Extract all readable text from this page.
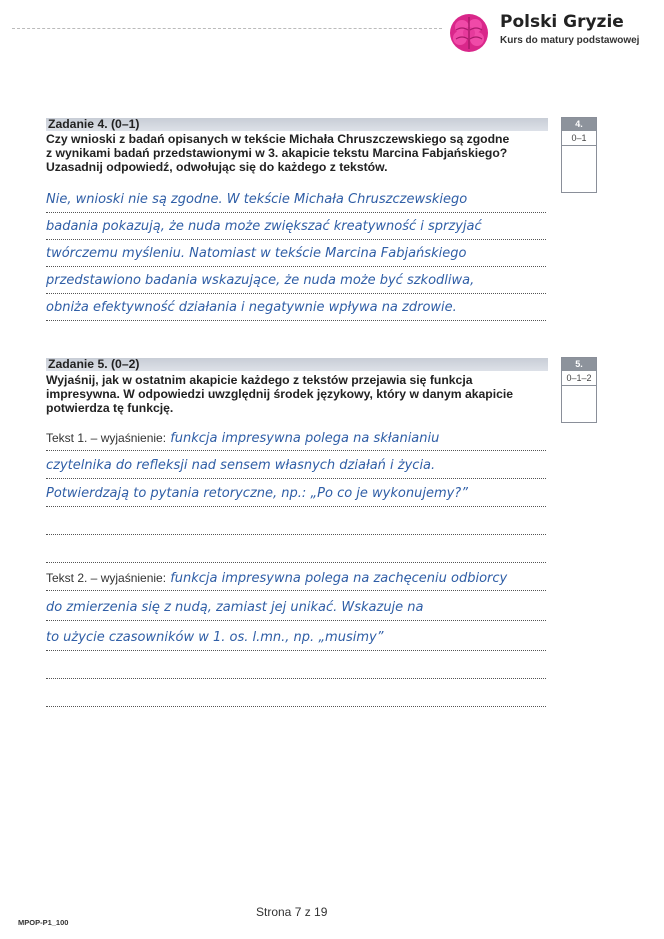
Polski Gryzie
Kurs do matury podstawowej
Zadanie 4. (0–1)
Czy wnioski z badań opisanych w tekście Michała Chruszczewskiego są zgodne
z wynikami badań przedstawionymi w 3. akapicie tekstu Marcina Fabjańskiego?
Uzasadnij odpowiedź, odwołując się do każdego z tekstów.
4.
0–1
Nie, wnioski nie są zgodne. W tekście Michała Chruszczewskiego
badania pokazują, że nuda może zwiększać kreatywność i sprzyjać
twórczemu myśleniu. Natomiast w tekście Marcina Fabjańskiego
przedstawiono badania wskazujące, że nuda może być szkodliwa,
obniża efektywność działania i negatywnie wpływa na zdrowie.
Zadanie 5. (0–2)
Wyjaśnij, jak w ostatnim akapicie każdego z tekstów przejawia się funkcja
impresywna. W odpowiedzi uwzględnij środek językowy, który w danym akapicie
potwierdza tę funkcję.
5.
0–1–2
Tekst 1. – wyjaśnienie: funkcja impresywna polega na skłanianiu
czytelnika do refleksji nad sensem własnych działań i życia.
Potwierdzają to pytania retoryczne, np.: „Po co je wykonujemy?”
Tekst 2. – wyjaśnienie: funkcja impresywna polega na zachęceniu odbiorcy
do zmierzenia się z nudą, zamiast jej unikać. Wskazuje na
to użycie czasowników w 1. os. l.mn., np. „musimy”
Strona 7 z 19
MPOP-P1_100
